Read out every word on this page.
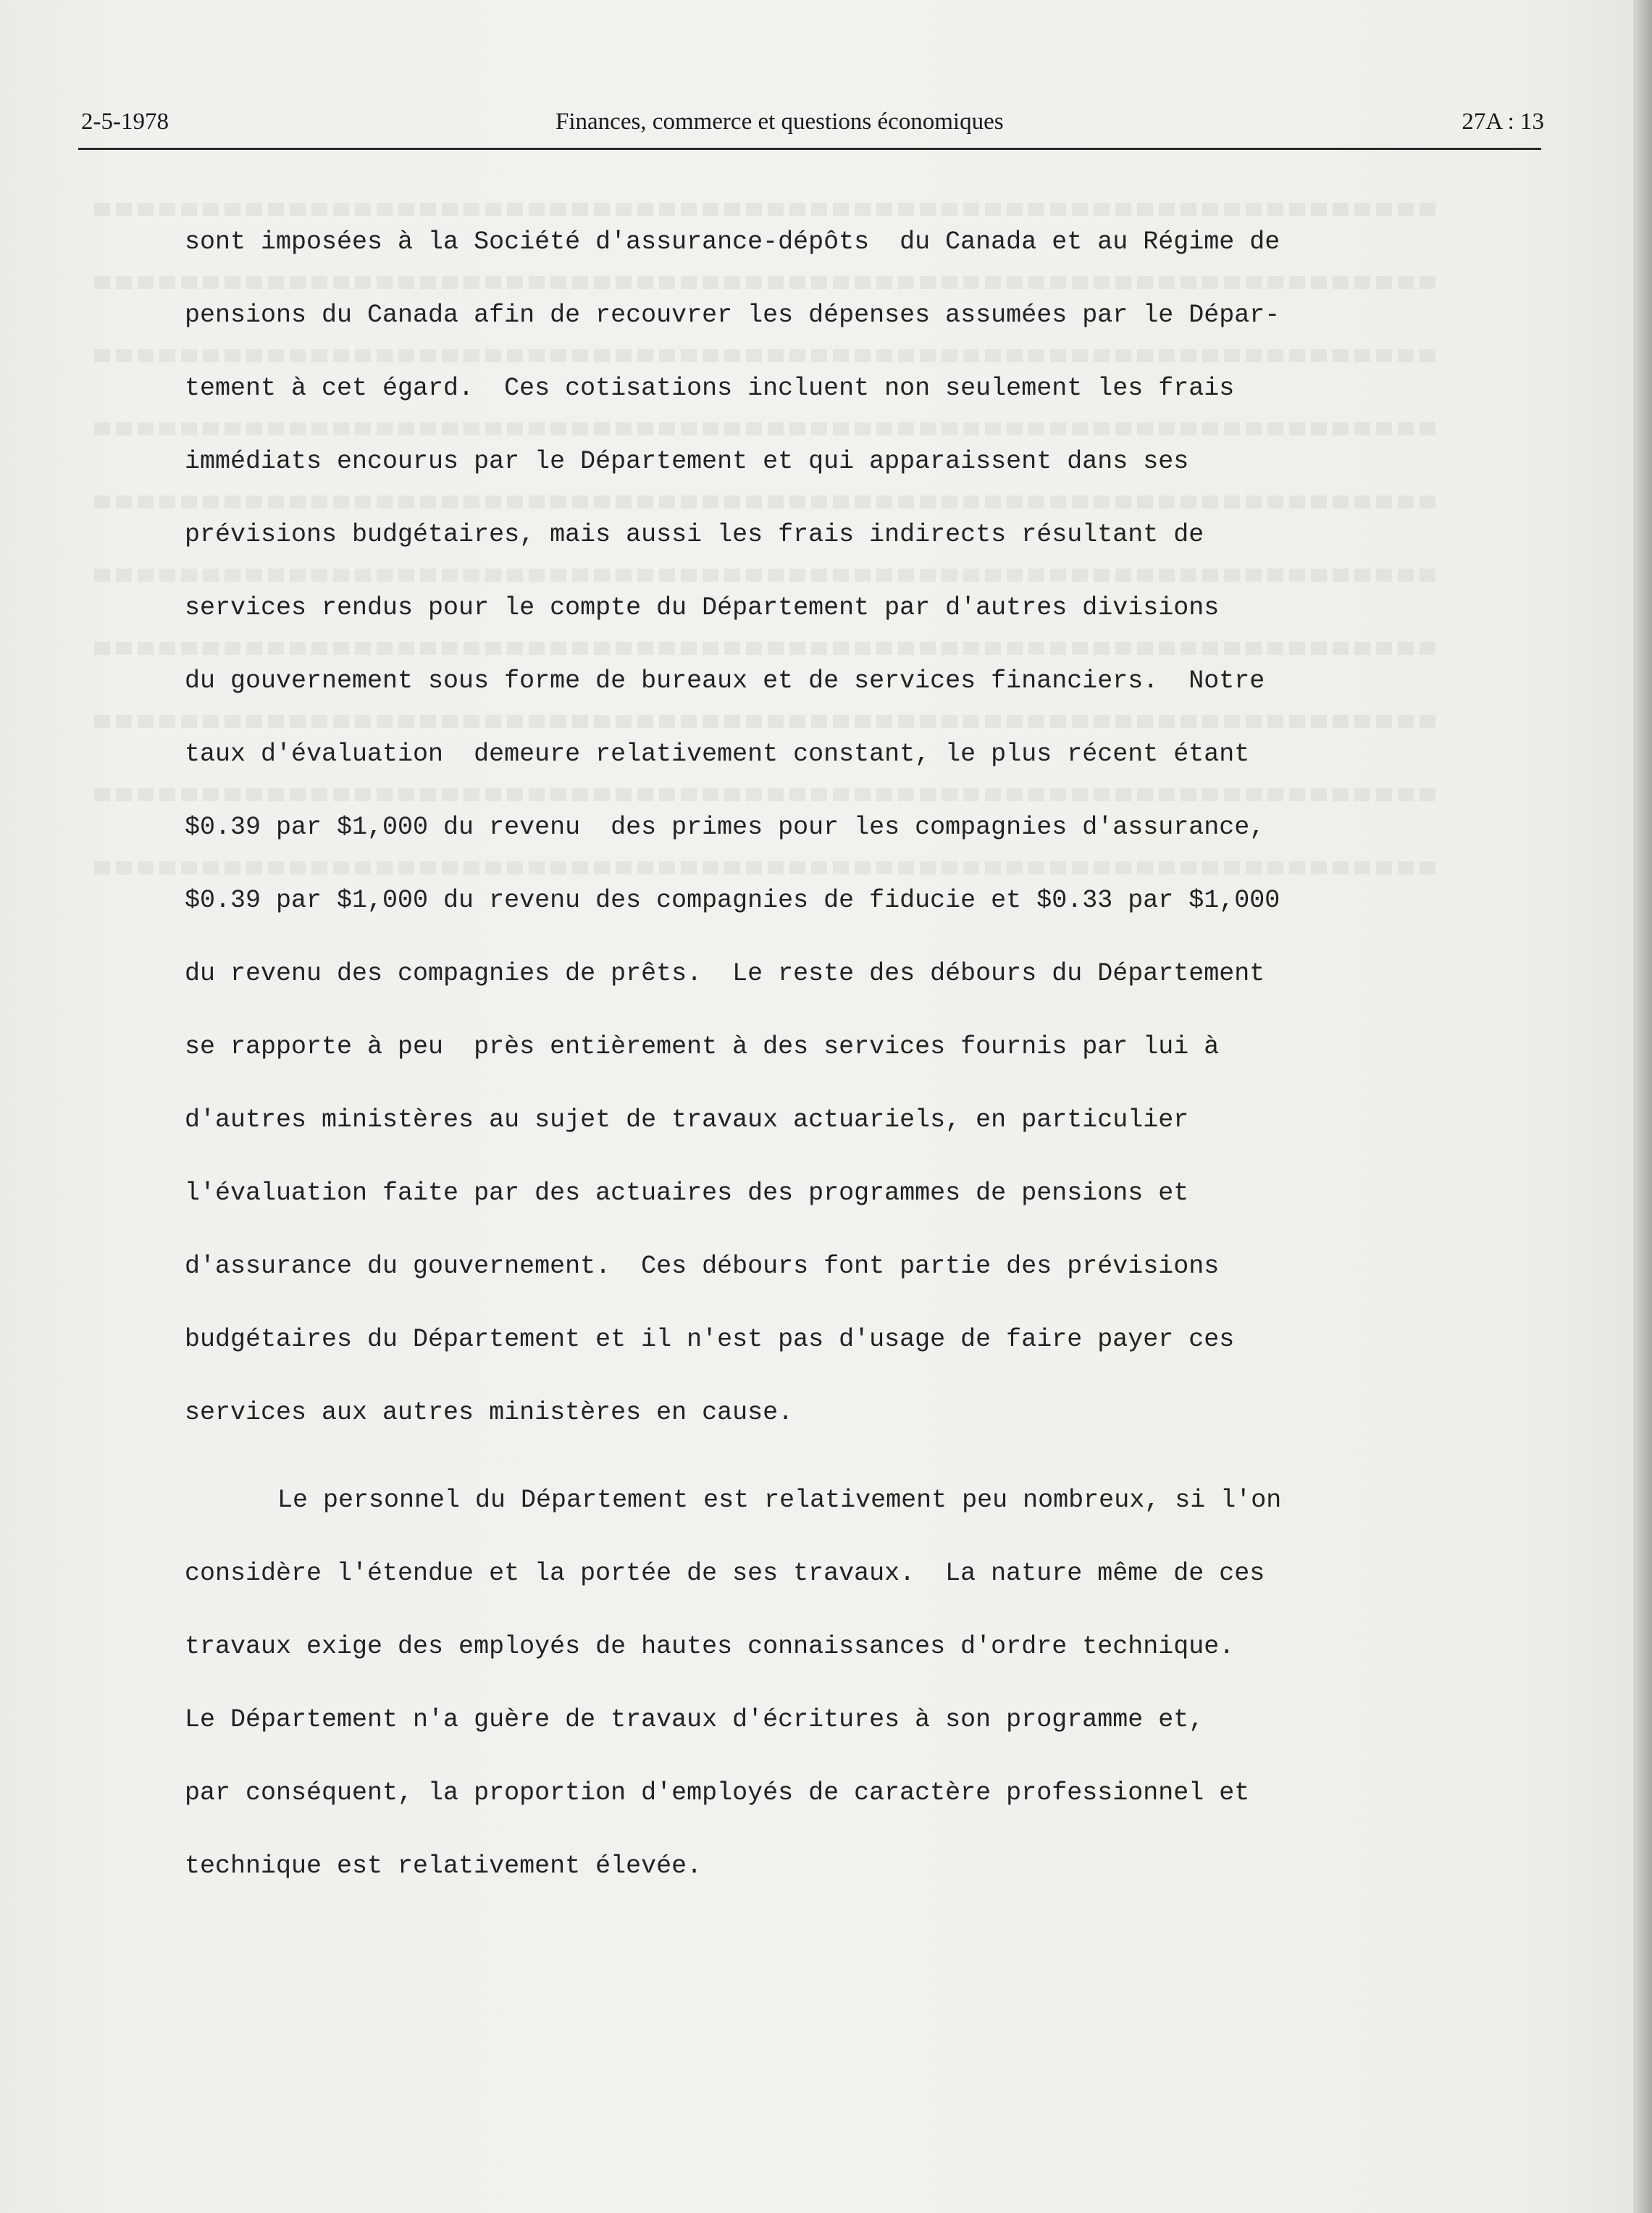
2-5-1978	Finances, commerce et questions économiques	27A : 13
sont imposées à la Société d'assurance-dépôts  du Canada et au Régime de
pensions du Canada afin de recouvrer les dépenses assumées par le Dépar-
tement à cet égard.  Ces cotisations incluent non seulement les frais
immédiats encourus par le Département et qui apparaissent dans ses
prévisions budgétaires, mais aussi les frais indirects résultant de
services rendus pour le compte du Département par d'autres divisions
du gouvernement sous forme de bureaux et de services financiers.  Notre
taux d'évaluation  demeure relativement constant, le plus récent étant
$0.39 par $1,000 du revenu  des primes pour les compagnies d'assurance,
$0.39 par $1,000 du revenu des compagnies de fiducie et $0.33 par $1,000
du revenu des compagnies de prêts.  Le reste des débours du Département
se rapporte à peu  près entièrement à des services fournis par lui à
d'autres ministères au sujet de travaux actuariels, en particulier
l'évaluation faite par des actuaires des programmes de pensions et
d'assurance du gouvernement.  Ces débours font partie des prévisions
budgétaires du Département et il n'est pas d'usage de faire payer ces
services aux autres ministères en cause.
Le personnel du Département est relativement peu nombreux, si l'on
considère l'étendue et la portée de ses travaux.  La nature même de ces
travaux exige des employés de hautes connaissances d'ordre technique.
Le Département n'a guère de travaux d'écritures à son programme et,
par conséquent, la proportion d'employés de caractère professionnel et
technique est relativement élevée.
